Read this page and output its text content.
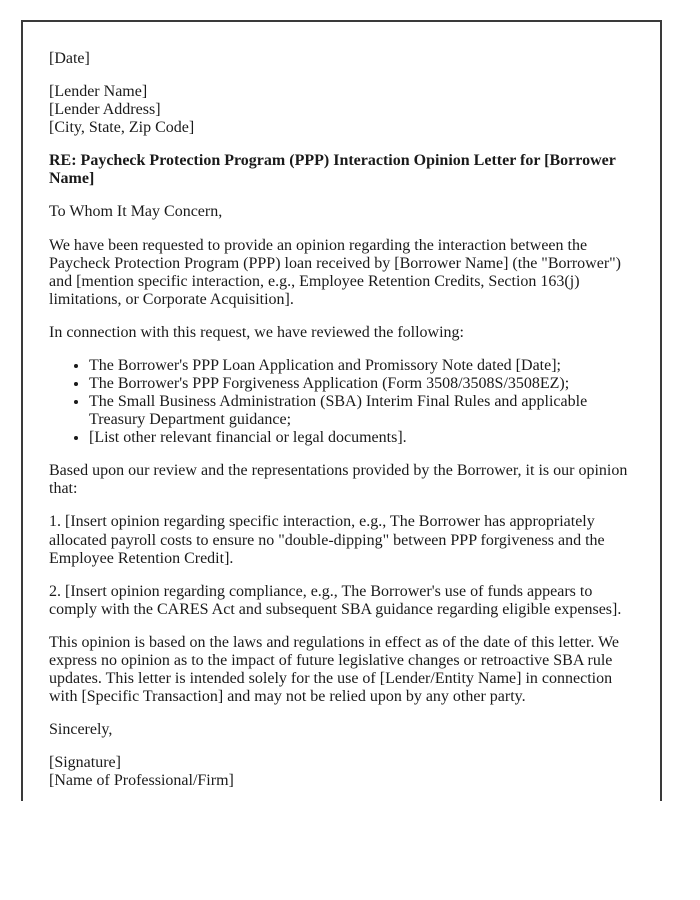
[Date]

[Lender Name]
[Lender Address]
[City, State, Zip Code]

RE: Paycheck Protection Program (PPP) Interaction Opinion Letter for [Borrower Name]

To Whom It May Concern,

We have been requested to provide an opinion regarding the interaction between the Paycheck Protection Program (PPP) loan received by [Borrower Name] (the "Borrower") and [mention specific interaction, e.g., Employee Retention Credits, Section 163(j) limitations, or Corporate Acquisition].

In connection with this request, we have reviewed the following:

• The Borrower's PPP Loan Application and Promissory Note dated [Date];
• The Borrower's PPP Forgiveness Application (Form 3508/3508S/3508EZ);
• The Small Business Administration (SBA) Interim Final Rules and applicable Treasury Department guidance;
• [List other relevant financial or legal documents].

Based upon our review and the representations provided by the Borrower, it is our opinion that:

1. [Insert opinion regarding specific interaction, e.g., The Borrower has appropriately allocated payroll costs to ensure no "double-dipping" between PPP forgiveness and the Employee Retention Credit].

2. [Insert opinion regarding compliance, e.g., The Borrower's use of funds appears to comply with the CARES Act and subsequent SBA guidance regarding eligible expenses].

This opinion is based on the laws and regulations in effect as of the date of this letter. We express no opinion as to the impact of future legislative changes or retroactive SBA rule updates. This letter is intended solely for the use of [Lender/Entity Name] in connection with [Specific Transaction] and may not be relied upon by any other party.

Sincerely,

[Signature]
[Name of Professional/Firm]
